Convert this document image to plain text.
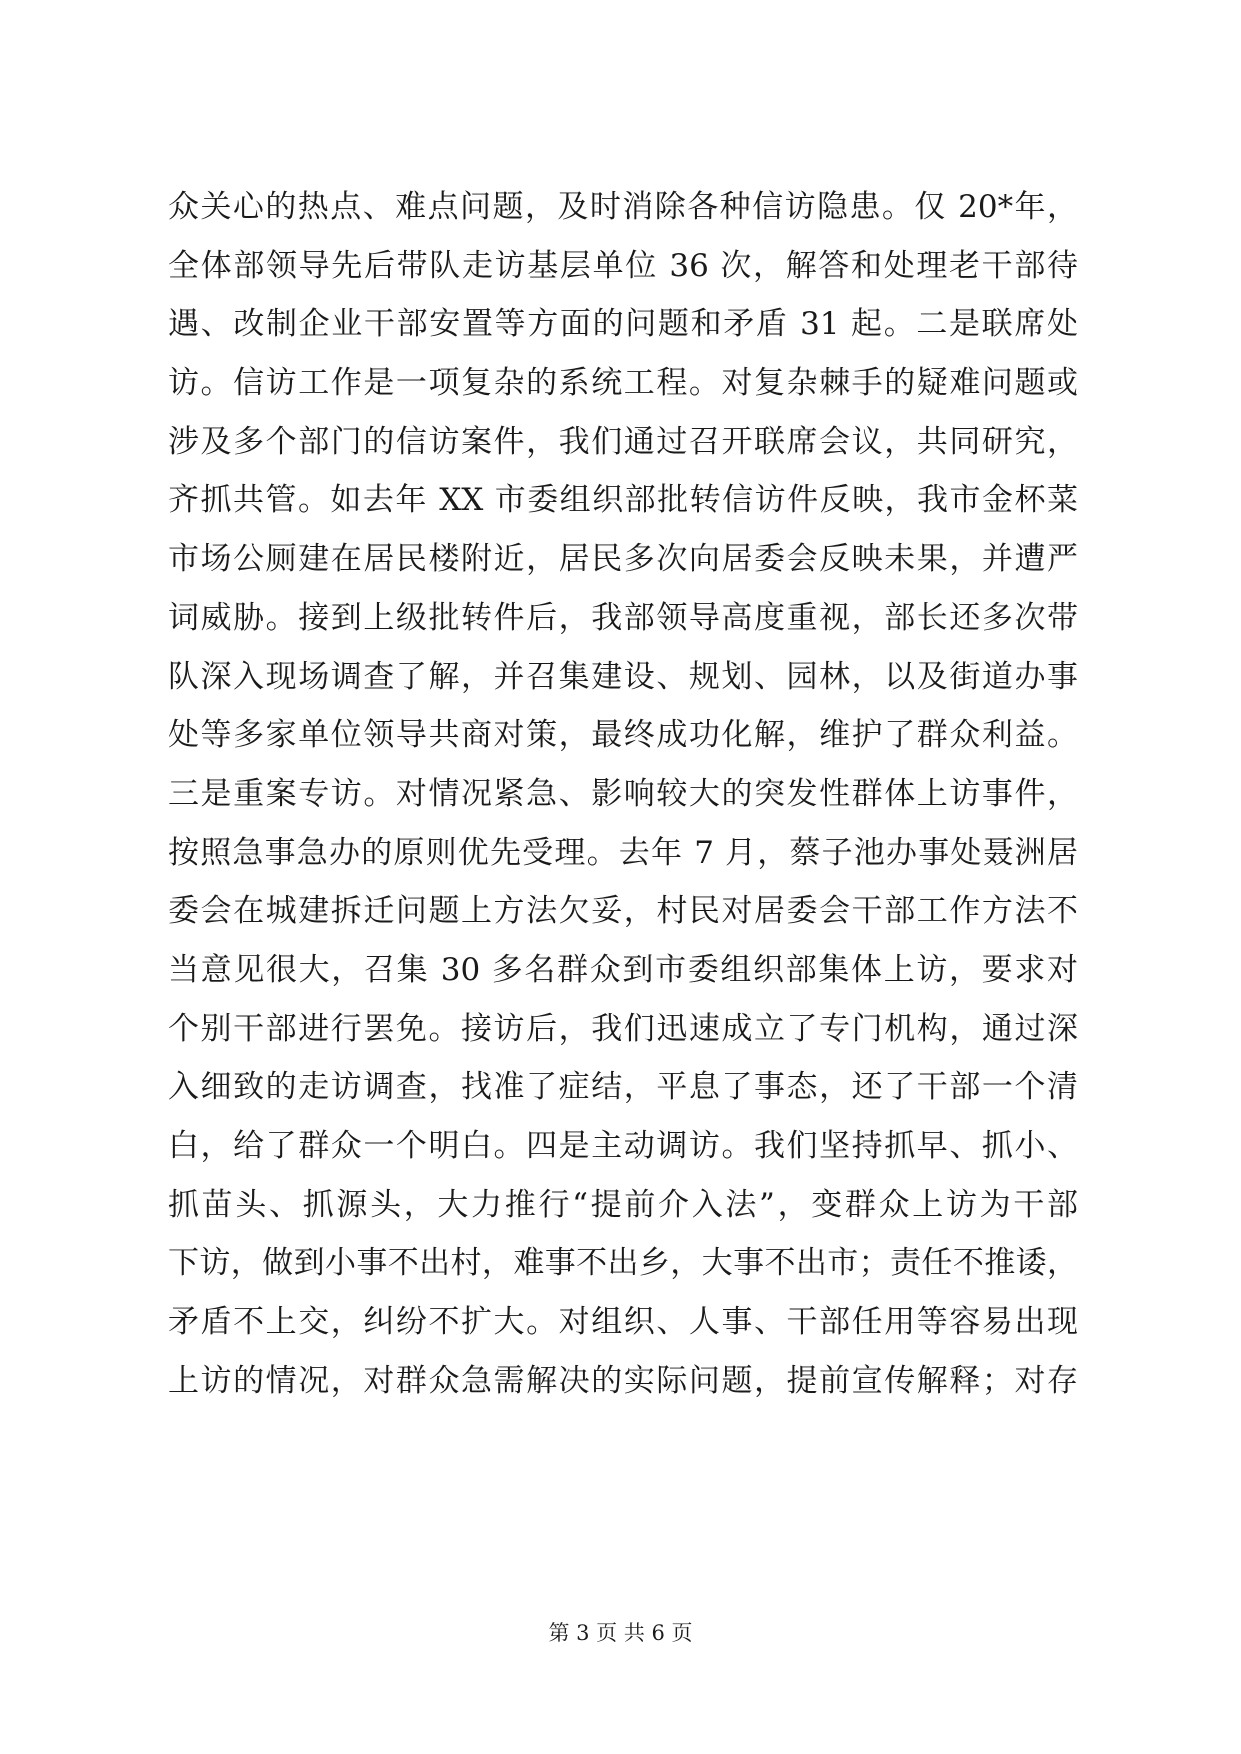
众关心的热点、难点问题，及时消除各种信访隐患。仅 20*年，
全体部领导先后带队走访基层单位 36 次，解答和处理老干部待
遇、改制企业干部安置等方面的问题和矛盾 31 起。二是联席处
访。信访工作是一项复杂的系统工程。对复杂棘手的疑难问题或
涉及多个部门的信访案件，我们通过召开联席会议，共同研究，
齐抓共管。如去年 XX 市委组织部批转信访件反映，我市金杯菜
市场公厕建在居民楼附近，居民多次向居委会反映未果，并遭严
词威胁。接到上级批转件后，我部领导高度重视，部长还多次带
队深入现场调查了解，并召集建设、规划、园林，以及街道办事
处等多家单位领导共商对策，最终成功化解，维护了群众利益。
三是重案专访。对情况紧急、影响较大的突发性群体上访事件，
按照急事急办的原则优先受理。去年 7 月，蔡子池办事处聂洲居
委会在城建拆迁问题上方法欠妥，村民对居委会干部工作方法不
当意见很大，召集 30 多名群众到市委组织部集体上访，要求对
个别干部进行罢免。接访后，我们迅速成立了专门机构，通过深
入细致的走访调查，找准了症结，平息了事态，还了干部一个清
白，给了群众一个明白。四是主动调访。我们坚持抓早、抓小、
抓苗头、抓源头，大力推行“提前介入法”，变群众上访为干部
下访，做到小事不出村，难事不出乡，大事不出市；责任不推诿，
矛盾不上交，纠纷不扩大。对组织、人事、干部任用等容易出现
上访的情况，对群众急需解决的实际问题，提前宣传解释；对存
第 3 页 共 6 页
